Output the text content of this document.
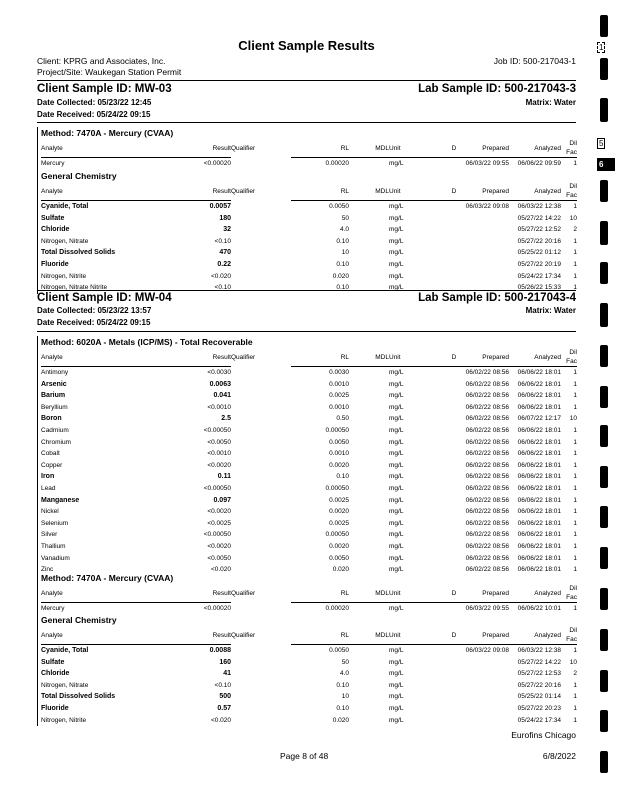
Client Sample Results
Client: KPRG and Associates, Inc.
Project/Site: Waukegan Station Permit
Job ID: 500-217043-1
Client Sample ID: MW-03	Lab Sample ID: 500-217043-3
Date Collected: 05/23/22 12:45	Matrix: Water
Date Received: 05/24/22 09:15
Method: 7470A - Mercury (CVAA)
Analyte	Result	Qualifier	RL	MDL	Unit	D	Prepared	Analyzed	Dil Fac
Mercury	<0.00020		0.00020		mg/L		06/03/22 09:55	06/06/22 09:59	1
General Chemistry
Analyte	Result	Qualifier	RL	MDL	Unit	D	Prepared	Analyzed	Dil Fac
Cyanide, Total	0.0057		0.0050		mg/L		06/03/22 09:08	06/03/22 12:38	1
Sulfate	180		50		mg/L			05/27/22 14:22	10
Chloride	32		4.0		mg/L			05/27/22 12:52	2
Nitrogen, Nitrate	<0.10		0.10		mg/L			05/27/22 20:16	1
Total Dissolved Solids	470		10		mg/L			05/25/22 01:12	1
Fluoride	0.22		0.10		mg/L			05/27/22 20:19	1
Nitrogen, Nitrite	<0.020		0.020		mg/L			05/24/22 17:34	1
Nitrogen, Nitrate Nitrite	<0.10		0.10		mg/L			05/26/22 15:33	1
Client Sample ID: MW-04	Lab Sample ID: 500-217043-4
Date Collected: 05/23/22 13:57	Matrix: Water
Date Received: 05/24/22 09:15
Method: 6020A - Metals (ICP/MS) - Total Recoverable
Analyte	Result	Qualifier	RL	MDL	Unit	D	Prepared	Analyzed	Dil Fac
Antimony	<0.0030		0.0030		mg/L		06/02/22 08:56	06/06/22 18:01	1
Arsenic	0.0063		0.0010		mg/L		06/02/22 08:56	06/06/22 18:01	1
Barium	0.041		0.0025		mg/L		06/02/22 08:56	06/06/22 18:01	1
Beryllium	<0.0010		0.0010		mg/L		06/02/22 08:56	06/06/22 18:01	1
Boron	2.5		0.50		mg/L		06/02/22 08:56	06/07/22 12:17	10
Cadmium	<0.00050		0.00050		mg/L		06/02/22 08:56	06/06/22 18:01	1
Chromium	<0.0050		0.0050		mg/L		06/02/22 08:56	06/06/22 18:01	1
Cobalt	<0.0010		0.0010		mg/L		06/02/22 08:56	06/06/22 18:01	1
Copper	<0.0020		0.0020		mg/L		06/02/22 08:56	06/06/22 18:01	1
Iron	0.11		0.10		mg/L		06/02/22 08:56	06/06/22 18:01	1
Lead	<0.00050		0.00050		mg/L		06/02/22 08:56	06/06/22 18:01	1
Manganese	0.097		0.0025		mg/L		06/02/22 08:56	06/06/22 18:01	1
Nickel	<0.0020		0.0020		mg/L		06/02/22 08:56	06/06/22 18:01	1
Selenium	<0.0025		0.0025		mg/L		06/02/22 08:56	06/06/22 18:01	1
Silver	<0.00050		0.00050		mg/L		06/02/22 08:56	06/06/22 18:01	1
Thallium	<0.0020		0.0020		mg/L		06/02/22 08:56	06/06/22 18:01	1
Vanadium	<0.0050		0.0050		mg/L		06/02/22 08:56	06/06/22 18:01	1
Zinc	<0.020		0.020		mg/L		06/02/22 08:56	06/06/22 18:01	1
Method: 7470A - Mercury (CVAA)
Analyte	Result	Qualifier	RL	MDL	Unit	D	Prepared	Analyzed	Dil Fac
Mercury	<0.00020		0.00020		mg/L		06/03/22 09:55	06/06/22 10:01	1
General Chemistry
Analyte	Result	Qualifier	RL	MDL	Unit	D	Prepared	Analyzed	Dil Fac
Cyanide, Total	0.0088		0.0050		mg/L		06/03/22 09:08	06/03/22 12:38	1
Sulfate	160		50		mg/L			05/27/22 14:22	10
Chloride	41		4.0		mg/L			05/27/22 12:53	2
Nitrogen, Nitrate	<0.10		0.10		mg/L			05/27/22 20:16	1
Total Dissolved Solids	500		10		mg/L			05/25/22 01:14	1
Fluoride	0.57		0.10		mg/L			05/27/22 20:23	1
Nitrogen, Nitrite	<0.020		0.020		mg/L			05/24/22 17:34	1
Eurofins Chicago
Page 8 of 48	6/8/2022
1
5
6
